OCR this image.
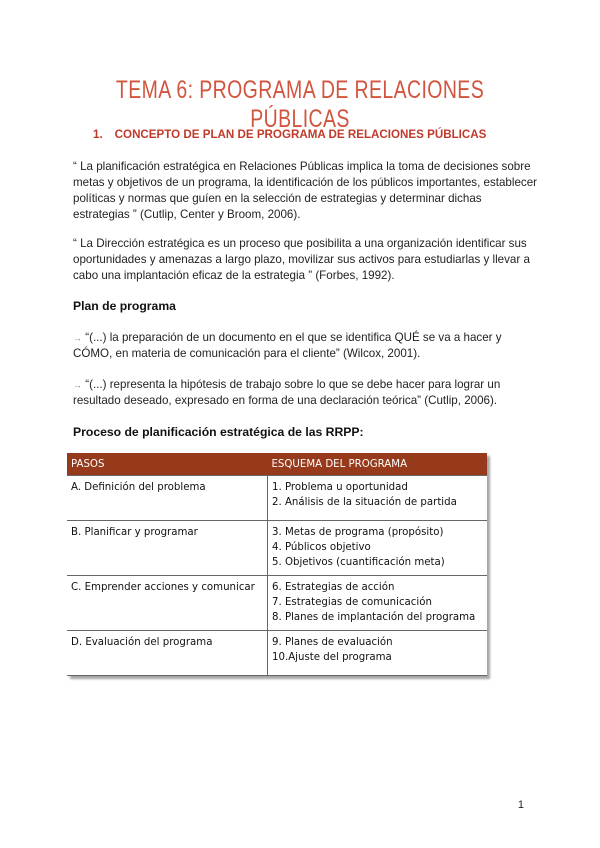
TEMA 6: PROGRAMA DE RELACIONES PÚBLICAS
1. CONCEPTO DE PLAN DE PROGRAMA DE RELACIONES PÚBLICAS
“ La planificación estratégica en Relaciones Públicas implica la toma de decisiones sobre metas y objetivos de un programa, la identificación de los públicos importantes, establecer políticas y normas que guíen en la selección de estrategias y determinar dichas estrategias ” (Cutlip, Center y Broom, 2006).
“ La Dirección estratégica es un proceso que posibilita a una organización identificar sus oportunidades y amenazas a largo plazo, movilizar sus activos para estudiarlas y llevar a cabo una implantación eficaz de la estrategia ” (Forbes, 1992).
Plan de programa
→ “(...) la preparación de un documento en el que se identifica QUÉ se va a hacer y CÓMO, en materia de comunicación para el cliente” (Wilcox, 2001).
→ “(...) representa la hipótesis de trabajo sobre lo que se debe hacer para lograr un resultado deseado, expresado en forma de una declaración teórica” (Cutlip, 2006).
Proceso de planificación estratégica de las RRPP:
PASOS	ESQUEMA DEL PROGRAMA
A. Definición del problema	1. Problema u oportunidad
2. Análisis de la situación de partida

B. Planificar y programar	3. Metas de programa (propósito)
4. Públicos objetivo
5. Objetivos (cuantificación meta)

C. Emprender acciones y comunicar	6. Estrategias de acción
7. Estrategias de comunicación
8. Planes de implantación del programa

D. Evaluación del programa	9. Planes de evaluación
10.Ajuste del programa
1
